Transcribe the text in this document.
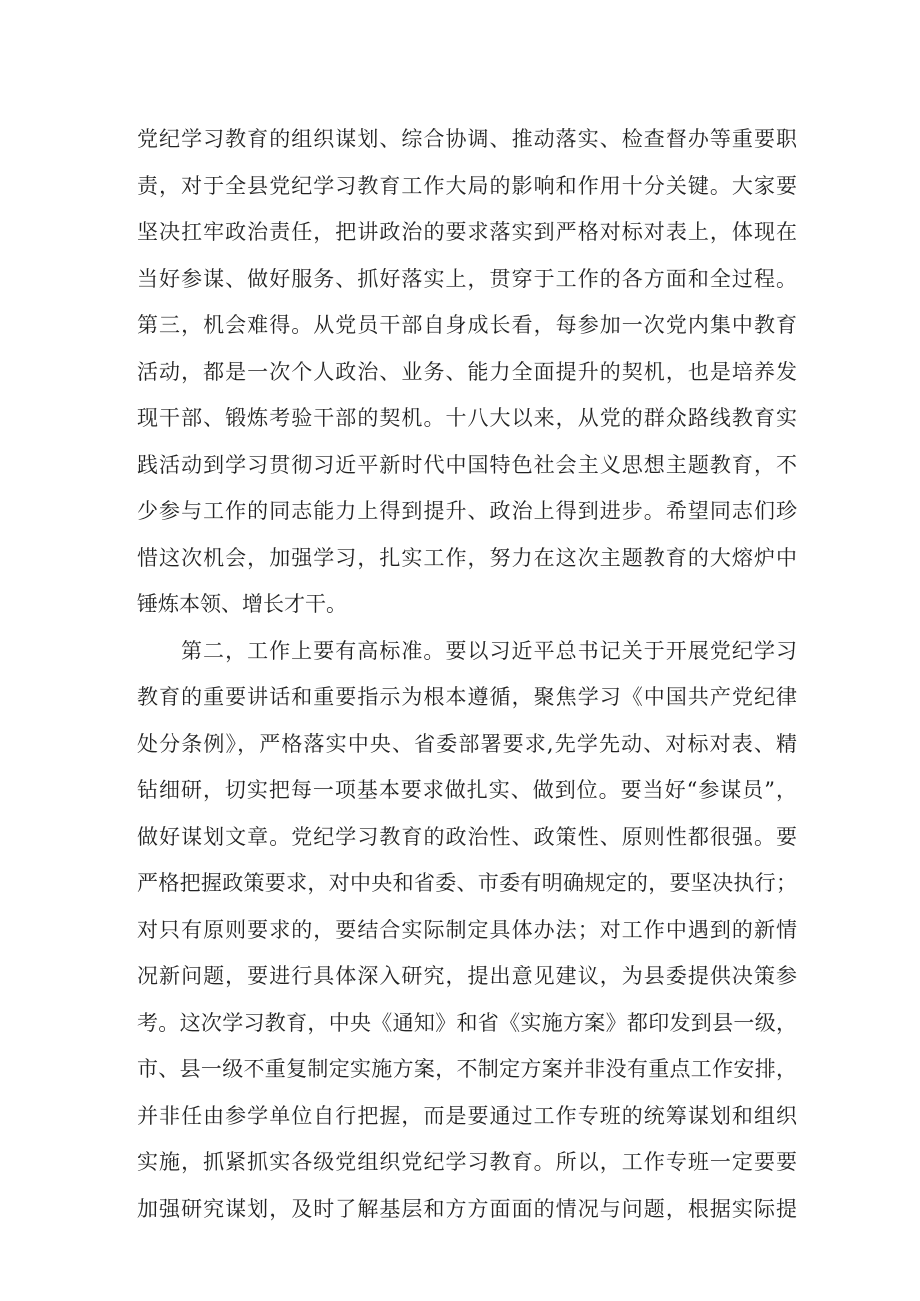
党纪学习教育的组织谋划、综合协调、推动落实、检查督办等重要职
责，对于全县党纪学习教育工作大局的影响和作用十分关键。大家要
坚决扛牢政治责任，把讲政治的要求落实到严格对标对表上，体现在
当好参谋、做好服务、抓好落实上，贯穿于工作的各方面和全过程。
第三，机会难得。从党员干部自身成长看，每参加一次党内集中教育
活动，都是一次个人政治、业务、能力全面提升的契机，也是培养发
现干部、锻炼考验干部的契机。十八大以来，从党的群众路线教育实
践活动到学习贯彻习近平新时代中国特色社会主义思想主题教育，不
少参与工作的同志能力上得到提升、政治上得到进步。希望同志们珍
惜这次机会，加强学习，扎实工作，努力在这次主题教育的大熔炉中
锤炼本领、增长才干。
第二，工作上要有高标准。要以习近平总书记关于开展党纪学习
教育的重要讲话和重要指示为根本遵循，聚焦学习《中国共产党纪律
处分条例》，严格落实中央、省委部署要求,先学先动、对标对表、精
钻细研，切实把每一项基本要求做扎实、做到位。要当好“参谋员”，
做好谋划文章。党纪学习教育的政治性、政策性、原则性都很强。要
严格把握政策要求，对中央和省委、市委有明确规定的，要坚决执行；
对只有原则要求的，要结合实际制定具体办法；对工作中遇到的新情
况新问题，要进行具体深入研究，提出意见建议，为县委提供决策参
考。这次学习教育，中央《通知》和省《实施方案》都印发到县一级，
市、县一级不重复制定实施方案，不制定方案并非没有重点工作安排，
并非任由参学单位自行把握，而是要通过工作专班的统筹谋划和组织
实施，抓紧抓实各级党组织党纪学习教育。所以，工作专班一定要要
加强研究谋划，及时了解基层和方方面面的情况与问题，根据实际提
